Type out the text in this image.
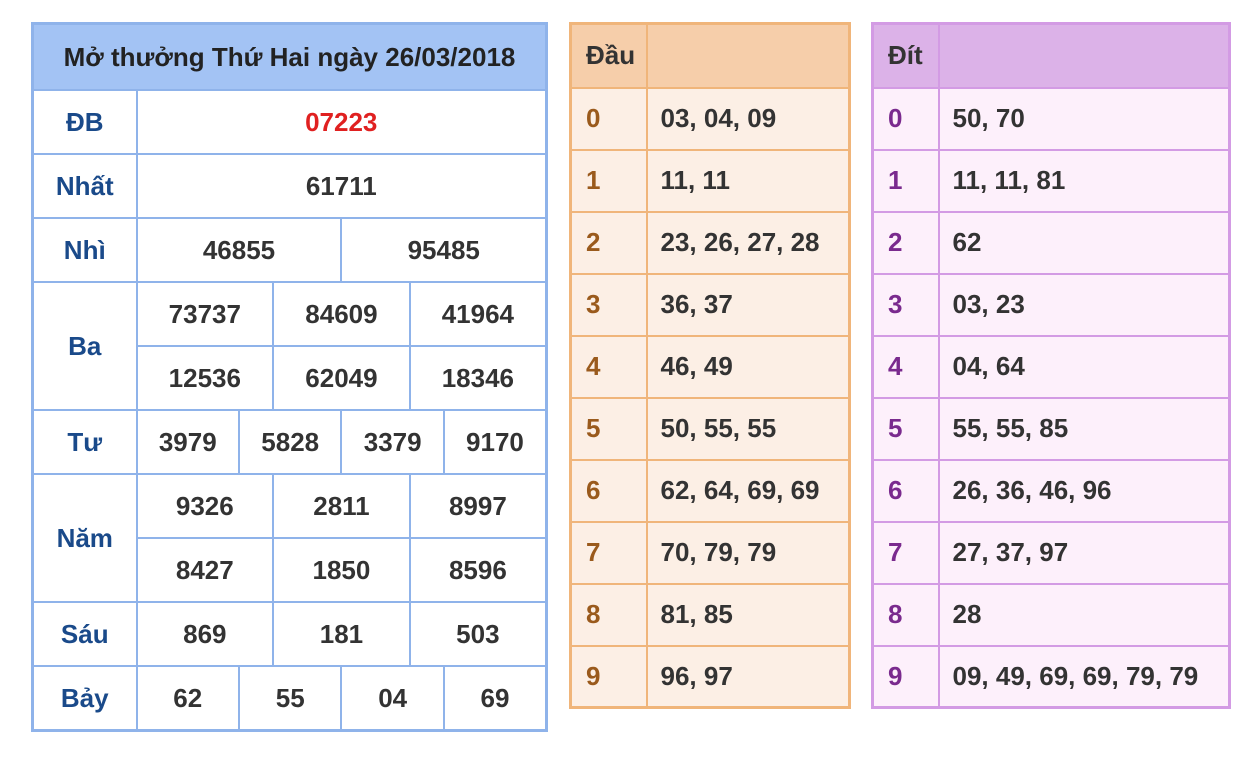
Mở thưởng Thứ Hai ngày 26/03/2018						
ĐB	07223					
Nhất	61711					
Nhì	46855			95485		
Ba	73737		84609		41964	
	12536		62049		18346	
Tư	3979	5828		3379		9170
Năm	9326		2811		8997	
	8427		1850		8596	
Sáu	869		181		503	
Bảy	62	55		04		69
Đầu	
0	03, 04, 09
1	11, 11
2	23, 26, 27, 28
3	36, 37
4	46, 49
5	50, 55, 55
6	62, 64, 69, 69
7	70, 79, 79
8	81, 85
9	96, 97
Đít	
0	50, 70
1	11, 11, 81
2	62
3	03, 23
4	04, 64
5	55, 55, 85
6	26, 36, 46, 96
7	27, 37, 97
8	28
9	09, 49, 69, 69, 79, 79
